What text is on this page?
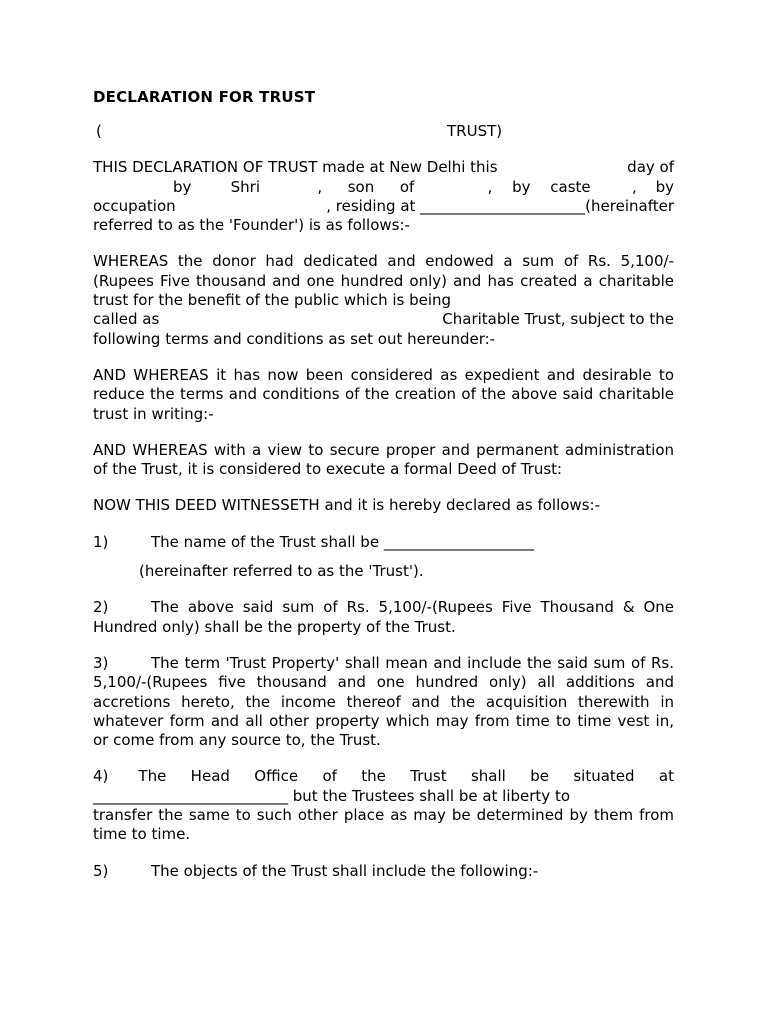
DECLARATION FOR TRUST
(	TRUST)
THIS DECLARATION OF TRUST made at New Delhi this	day of
by	Shri	, son of	, by caste	, by
occupation	, residing at ______________________(hereinafter
referred to as the 'Founder') is as follows:-
WHEREAS the donor had dedicated and endowed a sum of Rs. 5,100/- (Rupees Five thousand and one hundred only) and has created a charitable trust for the benefit of the public which is being
called as	Charitable Trust, subject to the
following terms and conditions as set out hereunder:-
AND WHEREAS it has now been considered as expedient and desirable to reduce the terms and conditions of the creation of the above said charitable trust in writing:-
AND WHEREAS with a view to secure proper and permanent administration of the Trust, it is considered to execute a formal Deed of Trust:
NOW THIS DEED WITNESSETH and it is hereby declared as follows:-
1)	The name of the Trust shall be ____________________
(hereinafter referred to as the 'Trust').
2)	The above said sum of Rs. 5,100/-(Rupees Five Thousand & One Hundred only) shall be the property of the Trust.
3)	The term 'Trust Property' shall mean and include the said sum of Rs. 5,100/-(Rupees five thousand and one hundred only) all additions and accretions hereto, the income thereof and the acquisition therewith in whatever form and all other property which may from time to time vest in, or come from any source to, the Trust.
4) The Head Office of the Trust shall be situated at
__________________________ but the Trustees shall be at liberty to
transfer the same to such other place as may be determined by them from time to time.
5)	The objects of the Trust shall include the following:-
